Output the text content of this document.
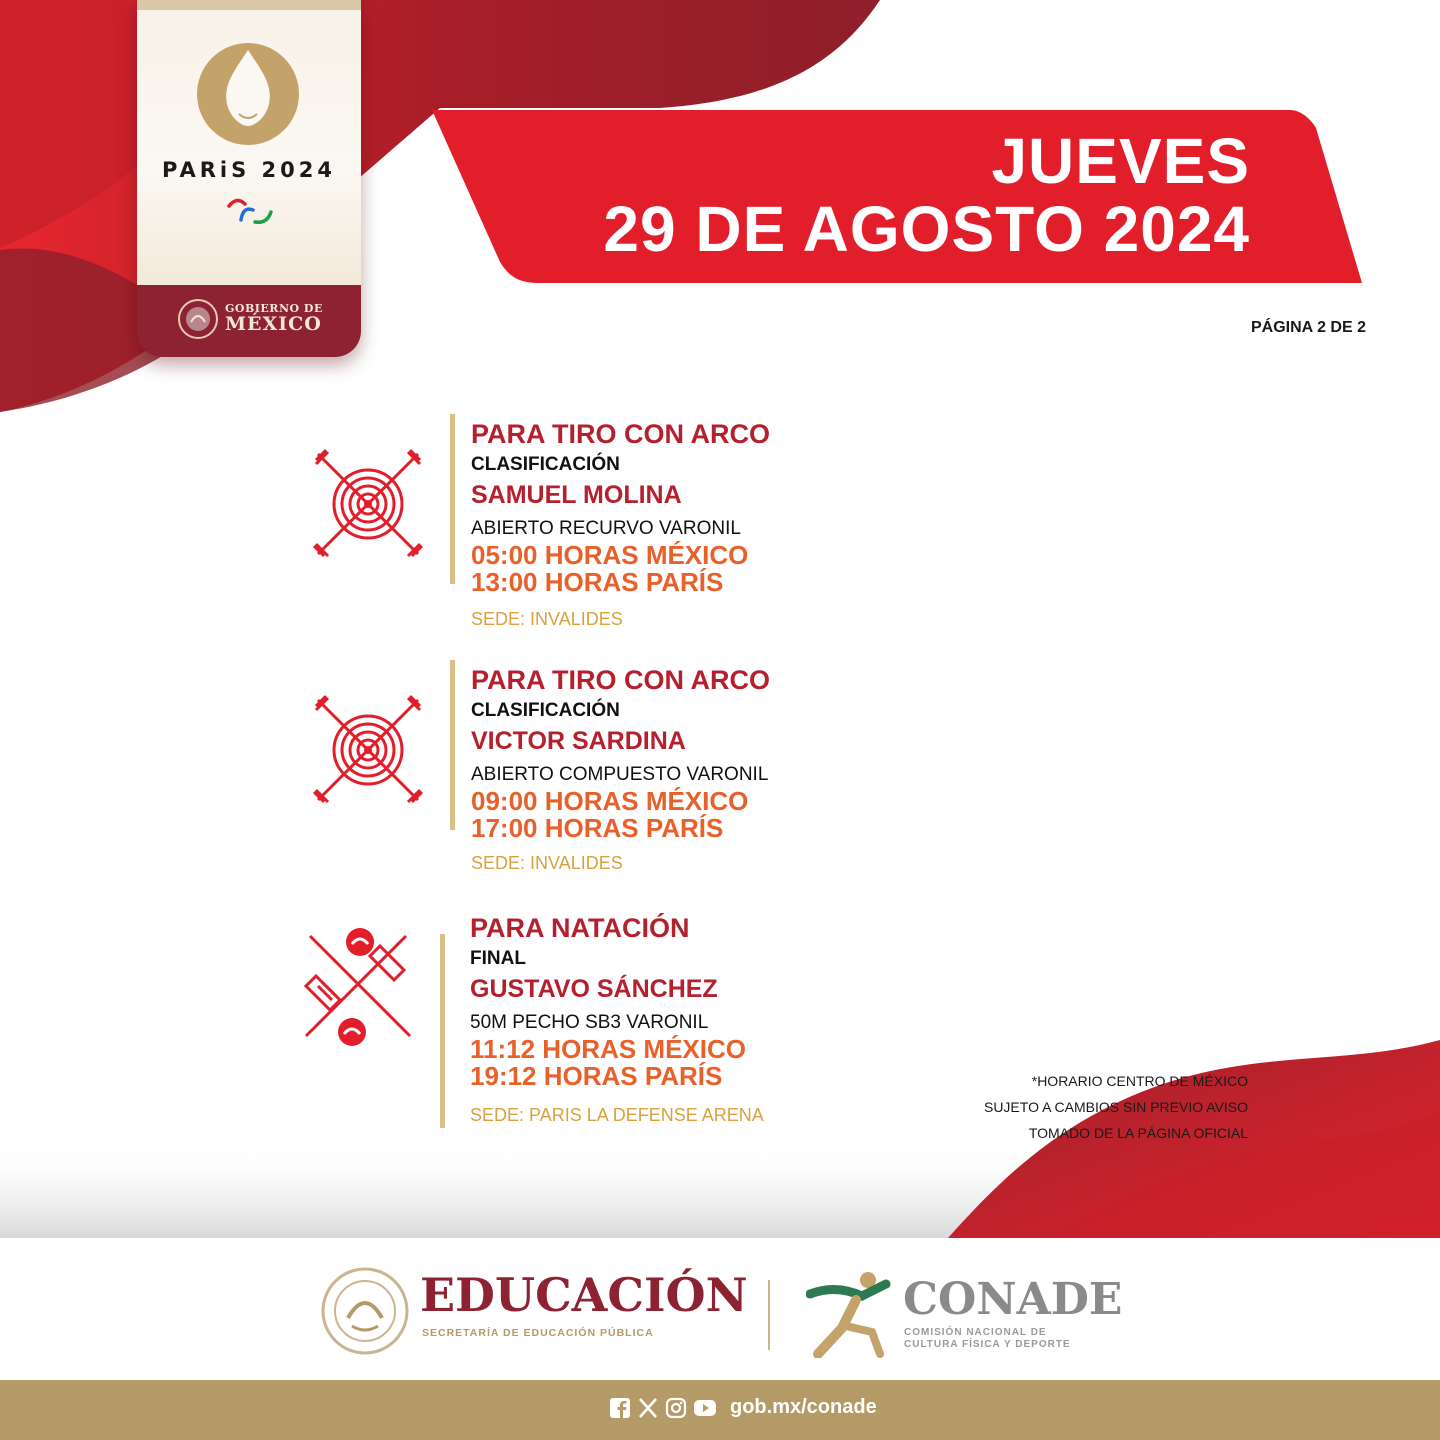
PARiS 2024
GOBIERNO DE
MÉXICO
JUEVES
29 DE AGOSTO 2024
PÁGINA 2 DE 2
PARA TIRO CON ARCO
CLASIFICACIÓN
SAMUEL MOLINA
ABIERTO RECURVO VARONIL
05:00 HORAS MÉXICO
13:00 HORAS PARÍS
SEDE: INVALIDES
PARA TIRO CON ARCO
CLASIFICACIÓN
VICTOR SARDINA
ABIERTO COMPUESTO VARONIL
09:00 HORAS MÉXICO
17:00 HORAS PARÍS
SEDE: INVALIDES
PARA NATACIÓN
FINAL
GUSTAVO SÁNCHEZ
50M PECHO SB3 VARONIL
11:12 HORAS MÉXICO
19:12 HORAS PARÍS
SEDE: PARIS LA DEFENSE ARENA
*HORARIO CENTRO DE MÉXICO
SUJETO A CAMBIOS SIN PREVIO AVISO
TOMADO DE LA PÁGINA OFICIAL
EDUCACIÓN
SECRETARÍA DE EDUCACIÓN PÚBLICA
CONADE
COMISIÓN NACIONAL DE
CULTURA FÍSICA Y DEPORTE
gob.mx/conade
